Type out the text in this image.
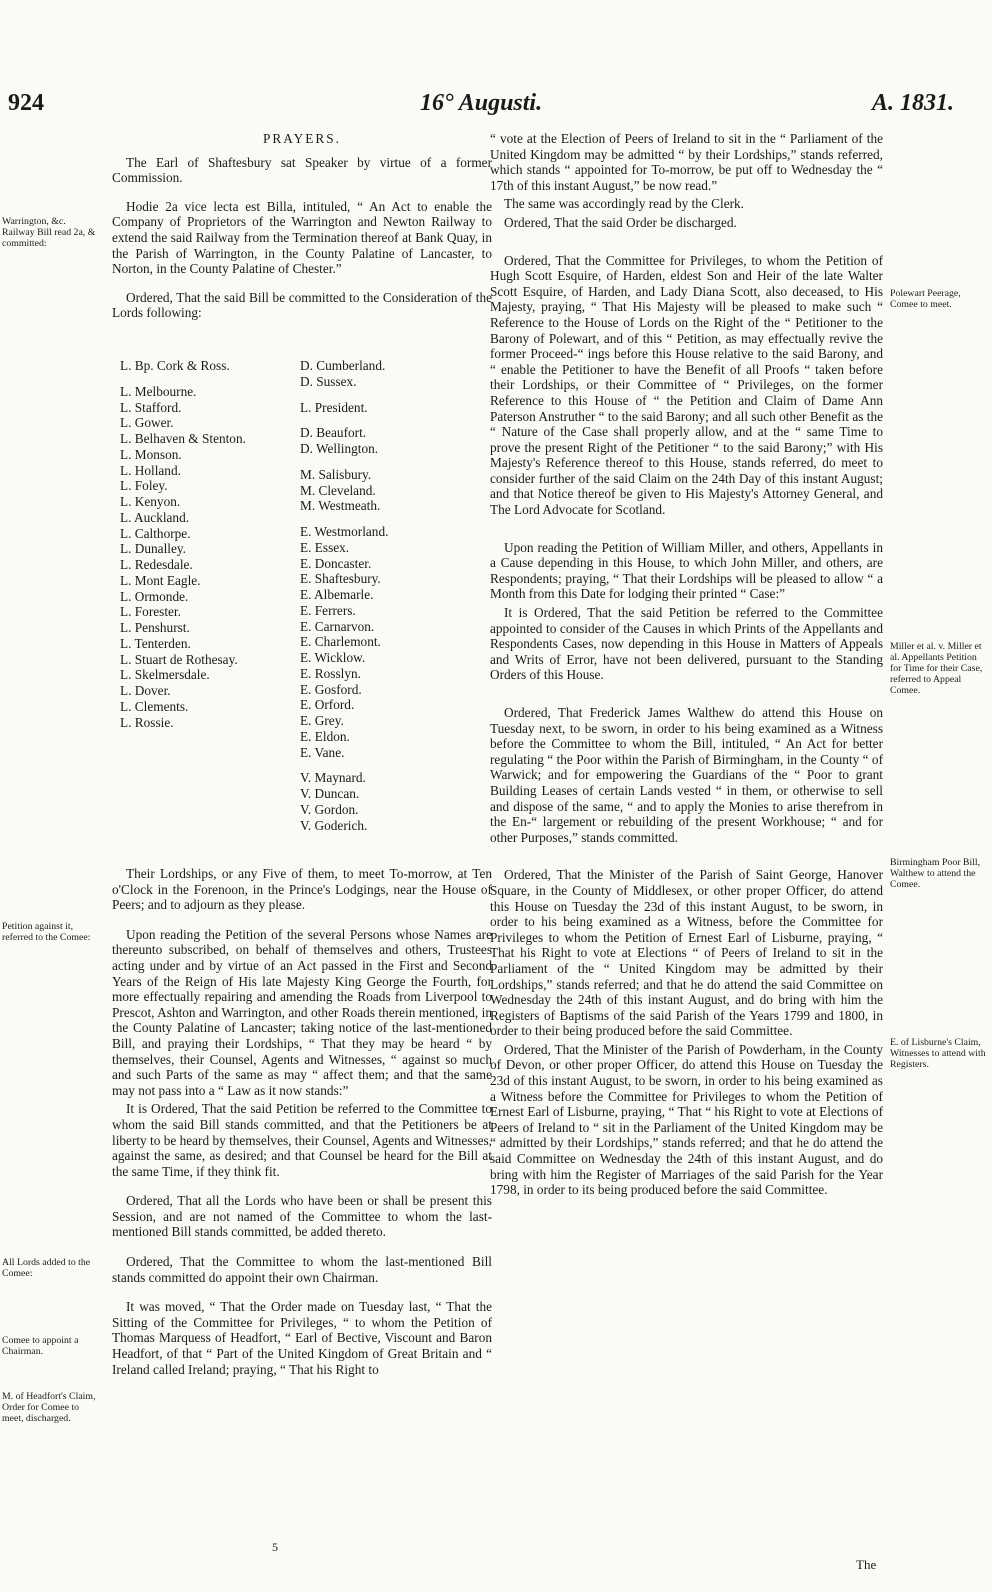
924	16° Augusti.	A. 1831.
Warrington, &c. Railway Bill read 2a, & committed:
Petition against it, referred to the Comee:
All Lords added to the Comee:
Comee to appoint a Chairman.
M. of Headfort's Claim, Order for Comee to meet, discharged.

PRAYERS.

The Earl of Shaftesbury sat Speaker by virtue of a former Commission.

Hodie 2a vice lecta est Billa, intituled, “ An Act to enable the Company of Proprietors of the Warrington and Newton Railway to extend the said Railway from the Termination thereof at Bank Quay, in the Parish of Warrington, in the County Palatine of Lancaster, to Norton, in the County Palatine of Chester.”

Ordered, That the said Bill be committed to the Consideration of the Lords following:

L. Bp. Cork & Ross.
L. Melbourne.
L. Stafford.
L. Gower.
L. Belhaven & Stenton.
L. Monson.
L. Holland.
L. Foley.
L. Kenyon.
L. Auckland.
L. Calthorpe.
L. Dunalley.
L. Redesdale.
L. Mont Eagle.
L. Ormonde.
L. Forester.
L. Penshurst.
L. Tenterden.
L. Stuart de Rothesay.
L. Skelmersdale.
L. Dover.
L. Clements.
L. Rossie.
D. Cumberland.
D. Sussex.
L. President.
D. Beaufort.
D. Wellington.
M. Salisbury.
M. Cleveland.
M. Westmeath.
E. Westmorland.
E. Essex.
E. Doncaster.
E. Shaftesbury.
E. Albemarle.
E. Ferrers.
E. Carnarvon.
E. Charlemont.
E. Wicklow.
E. Rosslyn.
E. Gosford.
E. Orford.
E. Grey.
E. Eldon.
E. Vane.
V. Maynard.
V. Duncan.
V. Gordon.
V. Goderich.

Their Lordships, or any Five of them, to meet To-morrow, at Ten o'Clock in the Forenoon, in the Prince's Lodgings, near the House of Peers; and to adjourn as they please.

Upon reading the Petition of the several Persons whose Names are thereunto subscribed, on behalf of themselves and others, Trustees acting under and by virtue of an Act passed in the First and Second Years of the Reign of His late Majesty King George the Fourth, for more effectually repairing and amending the Roads from Liverpool to Prescot, Ashton and Warrington, and other Roads therein mentioned, in the County Palatine of Lancaster; taking notice of the last-mentioned Bill, and praying their Lordships, “ That they may be heard “ by themselves, their Counsel, Agents and Witnesses, “ against so much and such Parts of the same as may “ affect them; and that the same may not pass into a “ Law as it now stands:”

It is Ordered, That the said Petition be referred to the Committee to whom the said Bill stands committed, and that the Petitioners be at liberty to be heard by themselves, their Counsel, Agents and Witnesses, against the same, as desired; and that Counsel be heard for the Bill at the same Time, if they think fit.

Ordered, That all the Lords who have been or shall be present this Session, and are not named of the Committee to whom the last-mentioned Bill stands committed, be added thereto.

Ordered, That the Committee to whom the last-mentioned Bill stands committed do appoint their own Chairman.

It was moved, “ That the Order made on Tuesday last, “ That the Sitting of the Committee for Privileges, “ to whom the Petition of Thomas Marquess of Headfort, “ Earl of Bective, Viscount and Baron Headfort, of that “ Part of the United Kingdom of Great Britain and “ Ireland called Ireland; praying, “ That his Right to

“ vote at the Election of Peers of Ireland to sit in the “ Parliament of the United Kingdom may be admitted “ by their Lordships,” stands referred, which stands “ appointed for To-morrow, be put off to Wednesday the “ 17th of this instant August,” be now read.”

The same was accordingly read by the Clerk.

Ordered, That the said Order be discharged.

Ordered, That the Committee for Privileges, to whom the Petition of Hugh Scott Esquire, of Harden, eldest Son and Heir of the late Walter Scott Esquire, of Harden, and Lady Diana Scott, also deceased, to His Majesty, praying, “ That His Majesty will be pleased to make such “ Reference to the House of Lords on the Right of the “ Petitioner to the Barony of Polewart, and of this “ Petition, as may effectually revive the former Proceed-“ ings before this House relative to the said Barony, and “ enable the Petitioner to have the Benefit of all Proofs “ taken before their Lordships, or their Committee of “ Privileges, on the former Reference to this House of “ the Petition and Claim of Dame Ann Paterson Anstruther “ to the said Barony; and all such other Benefit as the “ Nature of the Case shall properly allow, and at the “ same Time to prove the present Right of the Petitioner “ to the said Barony;” with His Majesty's Reference thereof to this House, stands referred, do meet to consider further of the said Claim on the 24th Day of this instant August; and that Notice thereof be given to His Majesty's Attorney General, and The Lord Advocate for Scotland.

Upon reading the Petition of William Miller, and others, Appellants in a Cause depending in this House, to which John Miller, and others, are Respondents; praying, “ That their Lordships will be pleased to allow “ a Month from this Date for lodging their printed “ Case:”

It is Ordered, That the said Petition be referred to the Committee appointed to consider of the Causes in which Prints of the Appellants and Respondents Cases, now depending in this House in Matters of Appeals and Writs of Error, have not been delivered, pursuant to the Standing Orders of this House.

Ordered, That Frederick James Walthew do attend this House on Tuesday next, to be sworn, in order to his being examined as a Witness before the Committee to whom the Bill, intituled, “ An Act for better regulating “ the Poor within the Parish of Birmingham, in the County “ of Warwick; and for empowering the Guardians of the “ Poor to grant Building Leases of certain Lands vested “ in them, or otherwise to sell and dispose of the same, “ and to apply the Monies to arise therefrom in the En-“ largement or rebuilding of the present Workhouse; “ and for other Purposes,” stands committed.

Ordered, That the Minister of the Parish of Saint George, Hanover Square, in the County of Middlesex, or other proper Officer, do attend this House on Tuesday the 23d of this instant August, to be sworn, in order to his being examined as a Witness, before the Committee for Privileges to whom the Petition of Ernest Earl of Lisburne, praying, “ That his Right to vote at Elections “ of Peers of Ireland to sit in the Parliament of the “ United Kingdom may be admitted by their Lordships,” stands referred; and that he do attend the said Committee on Wednesday the 24th of this instant August, and do bring with him the Registers of Baptisms of the said Parish of the Years 1799 and 1800, in order to their being produced before the said Committee.

Ordered, That the Minister of the Parish of Powderham, in the County of Devon, or other proper Officer, do attend this House on Tuesday the 23d of this instant August, to be sworn, in order to his being examined as a Witness before the Committee for Privileges to whom the Petition of Ernest Earl of Lisburne, praying, “ That “ his Right to vote at Elections of Peers of Ireland to “ sit in the Parliament of the United Kingdom may be “ admitted by their Lordships,” stands referred; and that he do attend the said Committee on Wednesday the 24th of this instant August, and do bring with him the Register of Marriages of the said Parish for the Year 1798, in order to its being produced before the said Committee.

Polewart Peerage, Comee to meet.
Miller et al. v. Miller et al. Appellants Petition for Time for their Case, referred to Appeal Comee.
Birmingham Poor Bill, Walthew to attend the Comee.
E. of Lisburne's Claim, Witnesses to attend with Registers.
5
The
